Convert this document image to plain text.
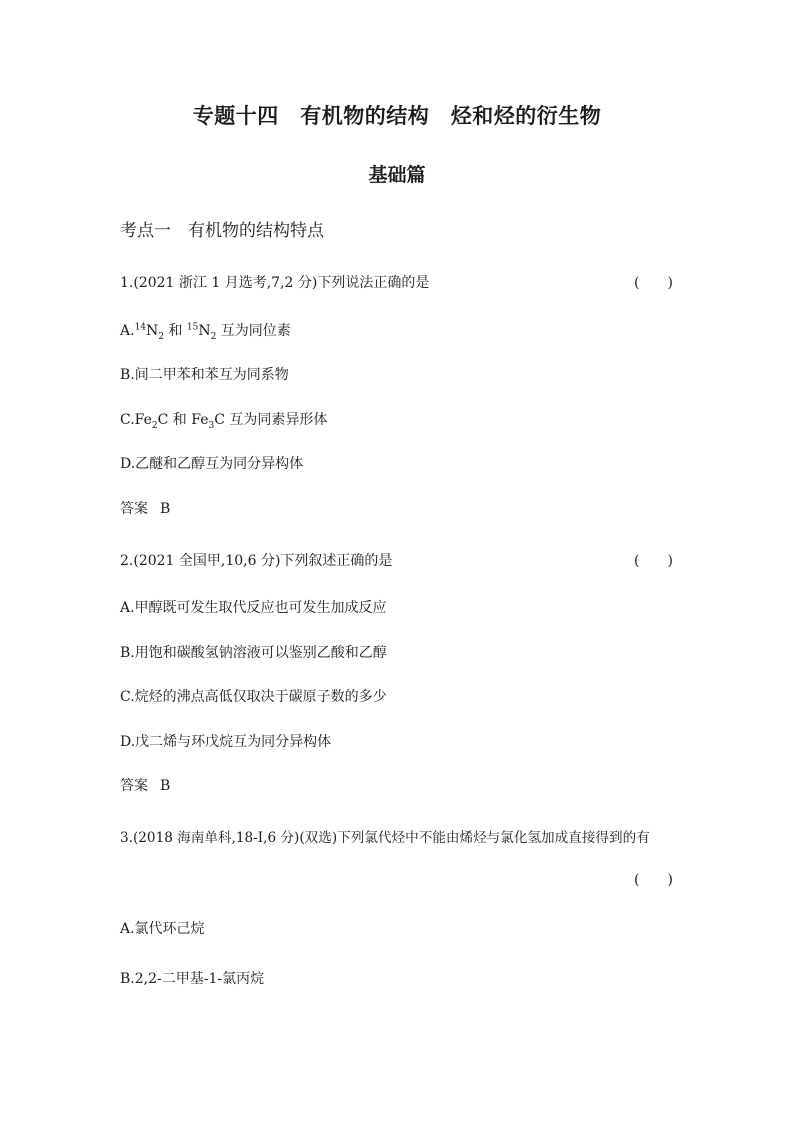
专题十四　有机物的结构　烃和烃的衍生物
基础篇
考点一　有机物的结构特点
1.(2021 浙江 1 月选考,7,2 分)下列说法正确的是	(　　)
$A.^{14}N_2$ 和 $^{15}N_2$ 互为同位素
B.间二甲苯和苯互为同系物
$C.Fe_2C$ 和 $Fe_3C$ 互为同素异形体
D.乙醚和乙醇互为同分异构体
答案 B
2.(2021 全国甲,10,6 分)下列叙述正确的是	(　　)
A.甲醇既可发生取代反应也可发生加成反应
B.用饱和碳酸氢钠溶液可以鉴别乙酸和乙醇
C.烷烃的沸点高低仅取决于碳原子数的多少
D.戊二烯与环戊烷互为同分异构体
答案 B
3.(2018 海南单科,18-Ⅰ,6 分)(双选)下列氯代烃中不能由烯烃与氯化氢加成直接得到的有
(　　)
A.氯代环己烷
B.2,2-二甲基-1-氯丙烷
